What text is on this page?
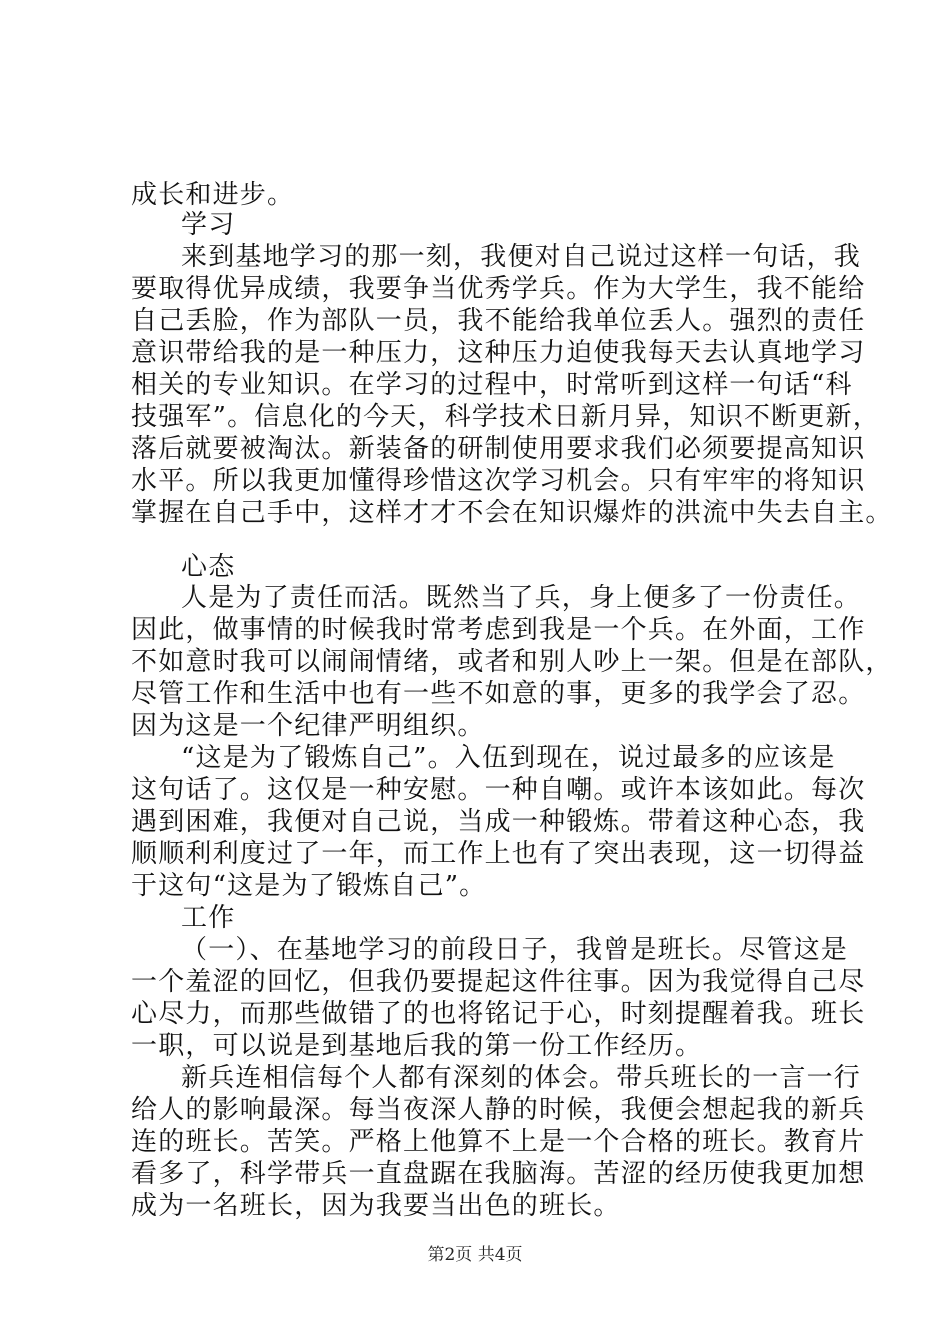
成长和进步。
学习
来到基地学习的那一刻，我便对自己说过这样一句话，我
要取得优异成绩，我要争当优秀学兵。作为大学生，我不能给
自己丢脸，作为部队一员，我不能给我单位丢人。强烈的责任
意识带给我的是一种压力，这种压力迫使我每天去认真地学习
相关的专业知识。在学习的过程中，时常听到这样一句话“科
技强军”。信息化的今天，科学技术日新月异，知识不断更新，
落后就要被淘汰。新装备的研制使用要求我们必须要提高知识
水平。所以我更加懂得珍惜这次学习机会。只有牢牢的将知识
掌握在自己手中，这样才才不会在知识爆炸的洪流中失去自主。
心态
人是为了责任而活。既然当了兵，身上便多了一份责任。
因此，做事情的时候我时常考虑到我是一个兵。在外面，工作
不如意时我可以闹闹情绪，或者和别人吵上一架。但是在部队，
尽管工作和生活中也有一些不如意的事，更多的我学会了忍。
因为这是一个纪律严明组织。
“这是为了锻炼自己”。入伍到现在，说过最多的应该是
这句话了。这仅是一种安慰。一种自嘲。或许本该如此。每次
遇到困难，我便对自己说，当成一种锻炼。带着这种心态，我
顺顺利利度过了一年，而工作上也有了突出表现，这一切得益
于这句“这是为了锻炼自己”。
工作
（一）、在基地学习的前段日子，我曾是班长。尽管这是
一个羞涩的回忆，但我仍要提起这件往事。因为我觉得自己尽
心尽力，而那些做错了的也将铭记于心，时刻提醒着我。班长
一职，可以说是到基地后我的第一份工作经历。
新兵连相信每个人都有深刻的体会。带兵班长的一言一行
给人的影响最深。每当夜深人静的时候，我便会想起我的新兵
连的班长。苦笑。严格上他算不上是一个合格的班长。教育片
看多了，科学带兵一直盘踞在我脑海。苦涩的经历使我更加想
成为一名班长，因为我要当出色的班长。
第2页 共4页
